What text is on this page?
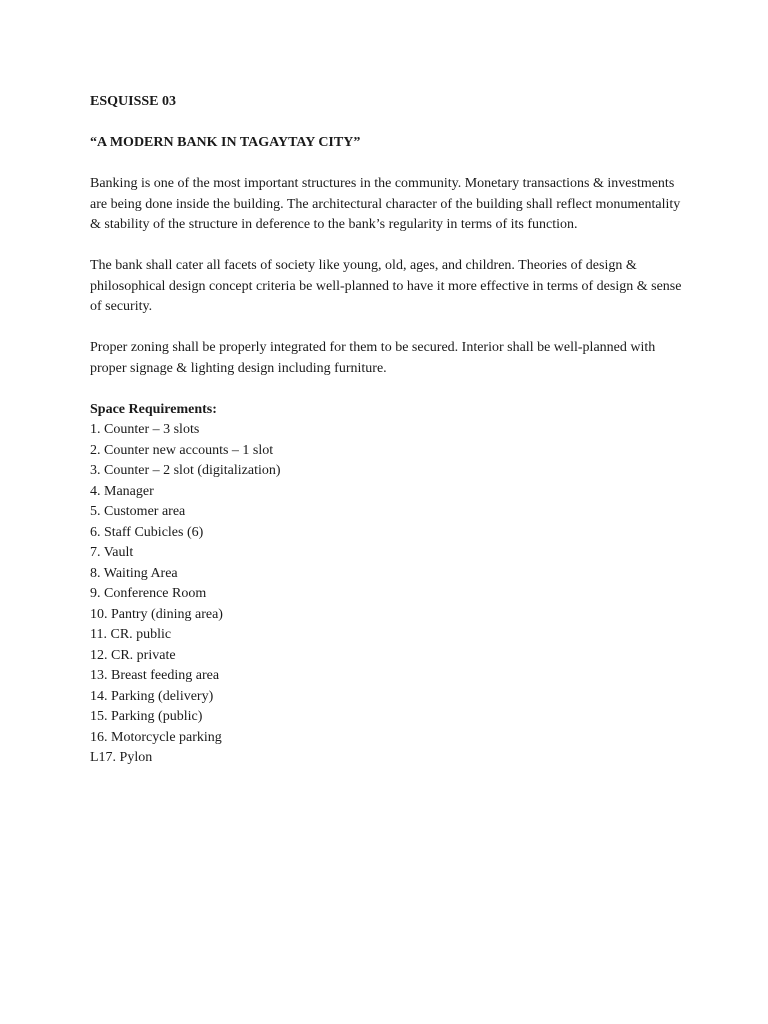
ESQUISSE 03

“A MODERN BANK IN TAGAYTAY CITY”

Banking is one of the most important structures in the community. Monetary transactions & investments are being done inside the building. The architectural character of the building shall reflect monumentality & stability of the structure in deference to the bank’s regularity in terms of its function.

The bank shall cater all facets of society like young, old, ages, and children. Theories of design & philosophical design concept criteria be well-planned to have it more effective in terms of design & sense of security.

Proper zoning shall be properly integrated for them to be secured. Interior shall be well-planned with proper signage & lighting design including furniture.

Space Requirements:

1. Counter – 3 slots
2. Counter new accounts – 1 slot
3. Counter – 2 slot (digitalization)
4. Manager
5. Customer area
6. Staff Cubicles (6)
7. Vault
8. Waiting Area
9. Conference Room
10. Pantry (dining area)
11. CR. public
12. CR. private
13. Breast feeding area
14. Parking (delivery)
15. Parking (public)
16. Motorcycle parking
L17. Pylon
